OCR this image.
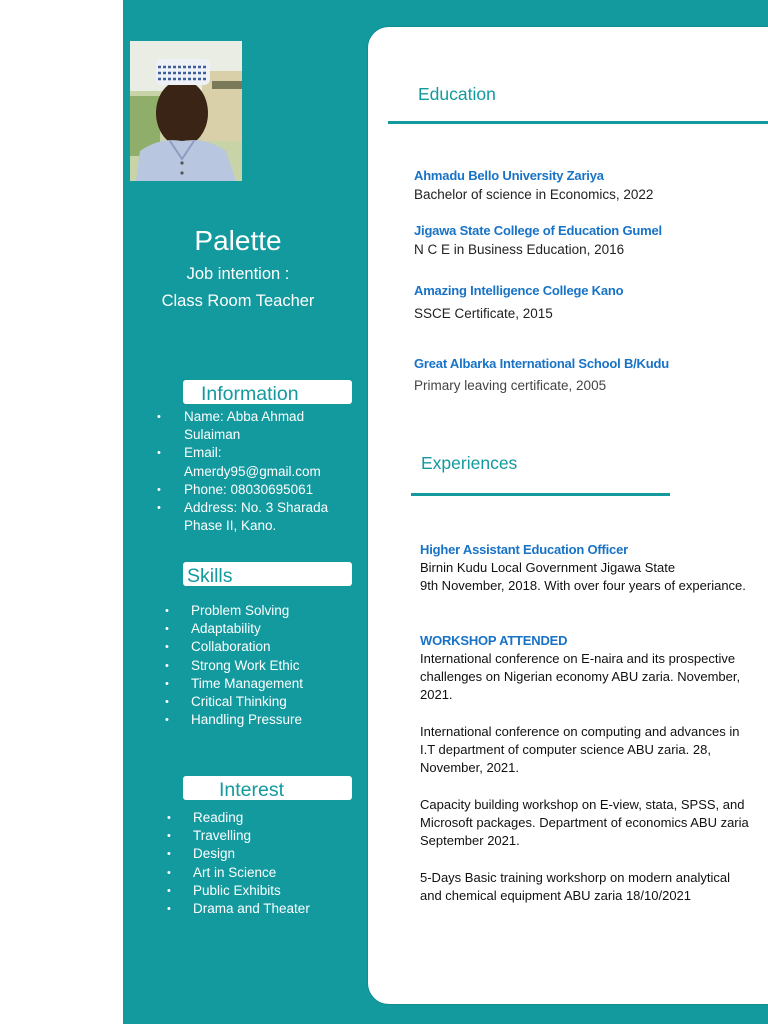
Palette
Job intention :
Class Room Teacher
Information
• Name: Abba Ahmad Sulaiman
• Email: Amerdy95@gmail.com
• Phone: 08030695061
• Address: No. 3 Sharada Phase II, Kano.
Skills
• Problem Solving
• Adaptability
• Collaboration
• Strong Work Ethic
• Time Management
• Critical Thinking
• Handling Pressure
Interest
• Reading
• Travelling
• Design
• Art in Science
• Public Exhibits
• Drama and Theater
Education
Ahmadu Bello University Zariya
Bachelor of science in Economics, 2022
Jigawa State College of Education Gumel
N C E in Business Education, 2016
Amazing Intelligence College Kano
SSCE Certificate, 2015
Great Albarka International School B/Kudu
Primary leaving certificate, 2005
Experiences
Higher Assistant Education Officer
Birnin Kudu Local Government Jigawa State
9th November, 2018. With over four years of experiance.
WORKSHOP ATTENDED
International conference on E-naira and its prospective challenges on Nigerian economy ABU zaria. November, 2021.
International conference on computing and advances in I.T department of computer science ABU zaria. 28, November, 2021.
Capacity building workshop on E-view, stata, SPSS, and Microsoft packages. Department of economics ABU zaria September 2021.
5-Days Basic training workshorp on modern analytical and chemical equipment ABU zaria 18/10/2021
